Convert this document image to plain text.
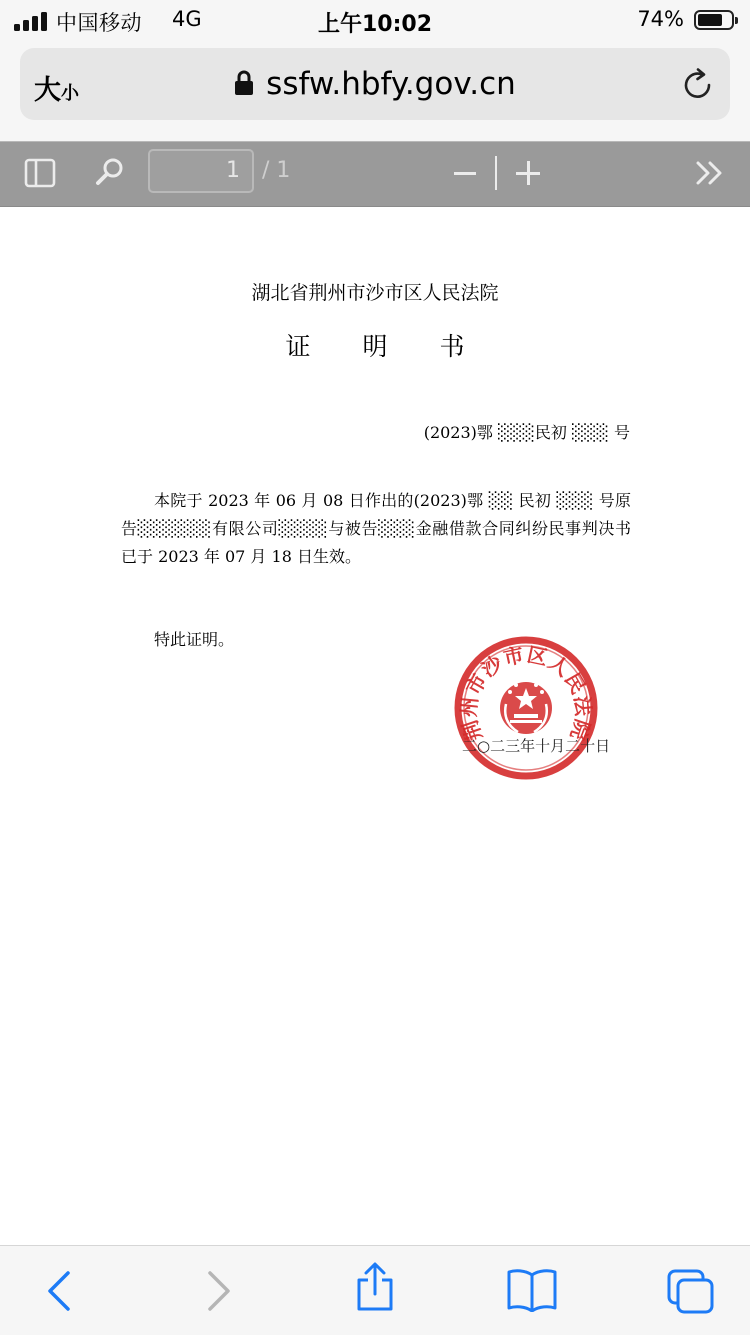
中国移动 4G	上午10:02	74%
大小	ssfw.hbfy.gov.cn
1	/ 1
湖北省荆州市沙市区人民法院
证 明 书
(2023)鄂 ░░░民初 ░░░ 号
本院于 2023 年 06 月 08 日作出的(2023)鄂 ░░ 民初 ░░░ 号原告░░░░░░有限公司░░░░与被告░░░金融借款合同纠纷民事判决书已于 2023 年 07 月 18 日生效。
特此证明。
荆州市沙市区人民法院
二○二三年十月二十日
